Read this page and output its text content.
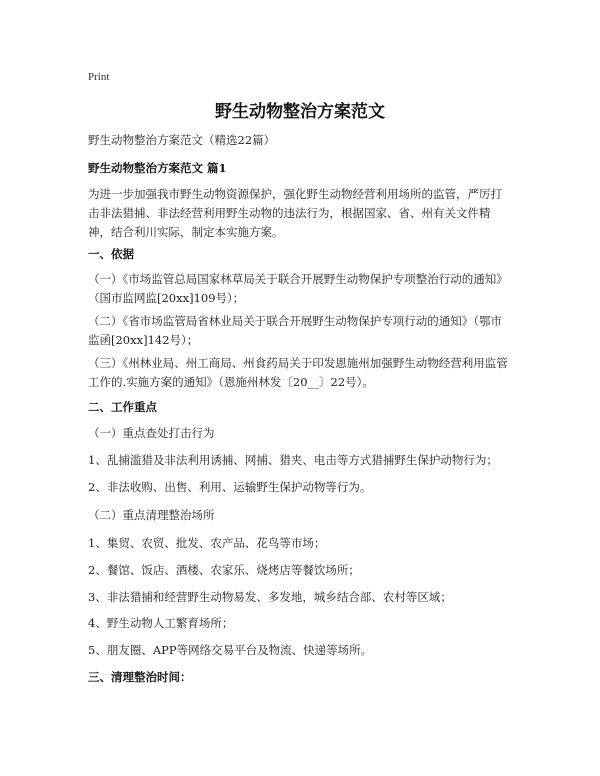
Print
野生动物整治方案范文
野生动物整治方案范文（精选22篇）
野生动物整治方案范文 篇1
为进一步加强我市野生动物资源保护，强化野生动物经营利用场所的监管，严厉打击非法猎捕、非法经营利用野生动物的违法行为，根据国家、省、州有关文件精神，结合利川实际，制定本实施方案。
一、依据
（一）《市场监管总局国家林草局关于联合开展野生动物保护专项整治行动的通知》（国市监网监[20xx]109号）；
（二）《省市场监管局省林业局关于联合开展野生动物保护专项行动的通知》（鄂市监函[20xx]142号）；
（三）《州林业局、州工商局、州食药局关于印发恩施州加强野生动物经营利用监管工作的.实施方案的通知》（恩施州林发〔20__〕22号）。
二、工作重点
（一）重点查处打击行为
1、乱捕滥猎及非法利用诱捕、网捕、猎夹、电击等方式猎捕野生保护动物行为；
2、非法收购、出售、利用、运输野生保护动物等行为。
（二）重点清理整治场所
1、集贸、农贸、批发、农产品、花鸟等市场；
2、餐馆、饭店、酒楼、农家乐、烧烤店等餐饮场所；
3、非法猎捕和经营野生动物易发、多发地，城乡结合部、农村等区域；
4、野生动物人工繁育场所；
5、朋友圈、APP等网络交易平台及物流、快递等场所。
三、清理整治时间：
